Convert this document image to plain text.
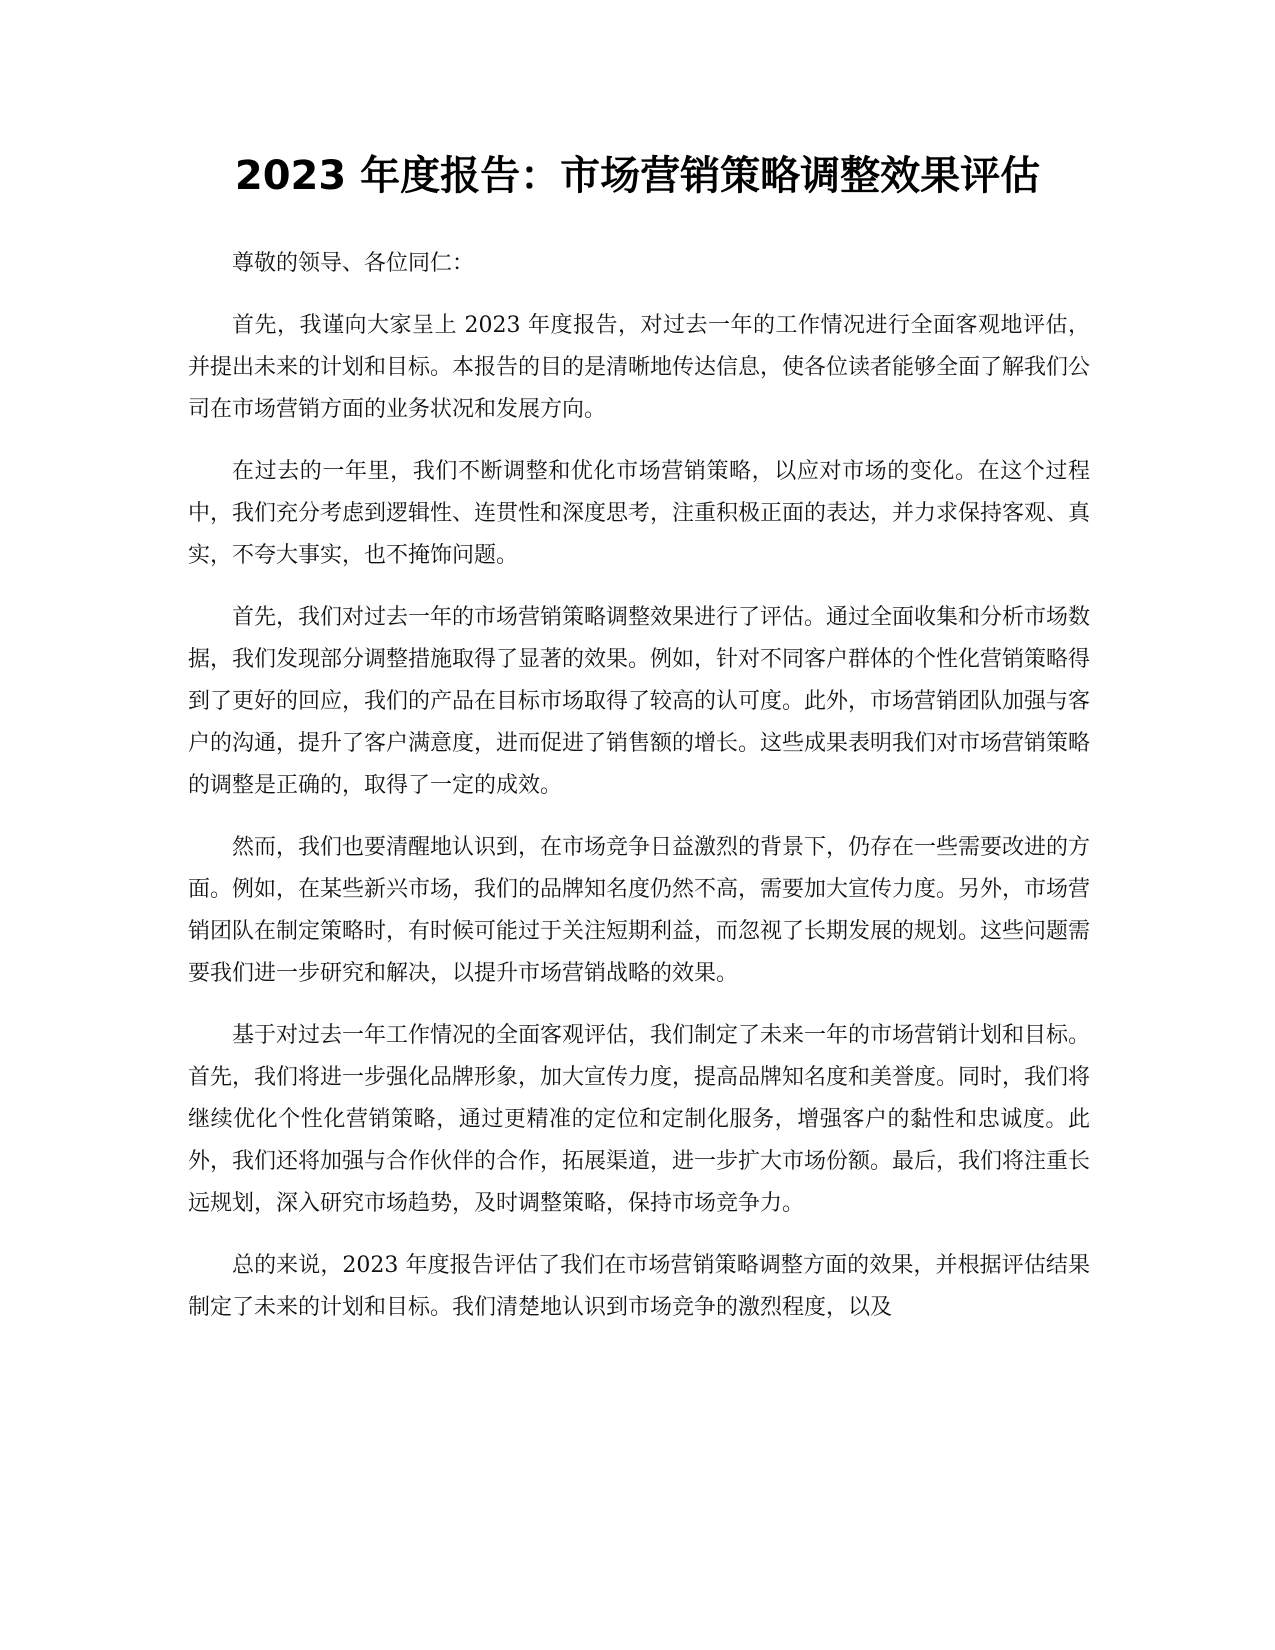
2023 年度报告：市场营销策略调整效果评估

尊敬的领导、各位同仁：

首先，我谨向大家呈上 2023 年度报告，对过去一年的工作情况进行全面客观地评估，并提出未来的计划和目标。本报告的目的是清晰地传达信息，使各位读者能够全面了解我们公司在市场营销方面的业务状况和发展方向。

在过去的一年里，我们不断调整和优化市场营销策略，以应对市场的变化。在这个过程中，我们充分考虑到逻辑性、连贯性和深度思考，注重积极正面的表达，并力求保持客观、真实，不夸大事实，也不掩饰问题。

首先，我们对过去一年的市场营销策略调整效果进行了评估。通过全面收集和分析市场数据，我们发现部分调整措施取得了显著的效果。例如，针对不同客户群体的个性化营销策略得到了更好的回应，我们的产品在目标市场取得了较高的认可度。此外，市场营销团队加强与客户的沟通，提升了客户满意度，进而促进了销售额的增长。这些成果表明我们对市场营销策略的调整是正确的，取得了一定的成效。

然而，我们也要清醒地认识到，在市场竞争日益激烈的背景下，仍存在一些需要改进的方面。例如，在某些新兴市场，我们的品牌知名度仍然不高，需要加大宣传力度。另外，市场营销团队在制定策略时，有时候可能过于关注短期利益，而忽视了长期发展的规划。这些问题需要我们进一步研究和解决，以提升市场营销战略的效果。

基于对过去一年工作情况的全面客观评估，我们制定了未来一年的市场营销计划和目标。首先，我们将进一步强化品牌形象，加大宣传力度，提高品牌知名度和美誉度。同时，我们将继续优化个性化营销策略，通过更精准的定位和定制化服务，增强客户的黏性和忠诚度。此外，我们还将加强与合作伙伴的合作，拓展渠道，进一步扩大市场份额。最后，我们将注重长远规划，深入研究市场趋势，及时调整策略，保持市场竞争力。

总的来说，2023 年度报告评估了我们在市场营销策略调整方面的效果，并根据评估结果制定了未来的计划和目标。我们清楚地认识到市场竞争的激烈程度，以及
